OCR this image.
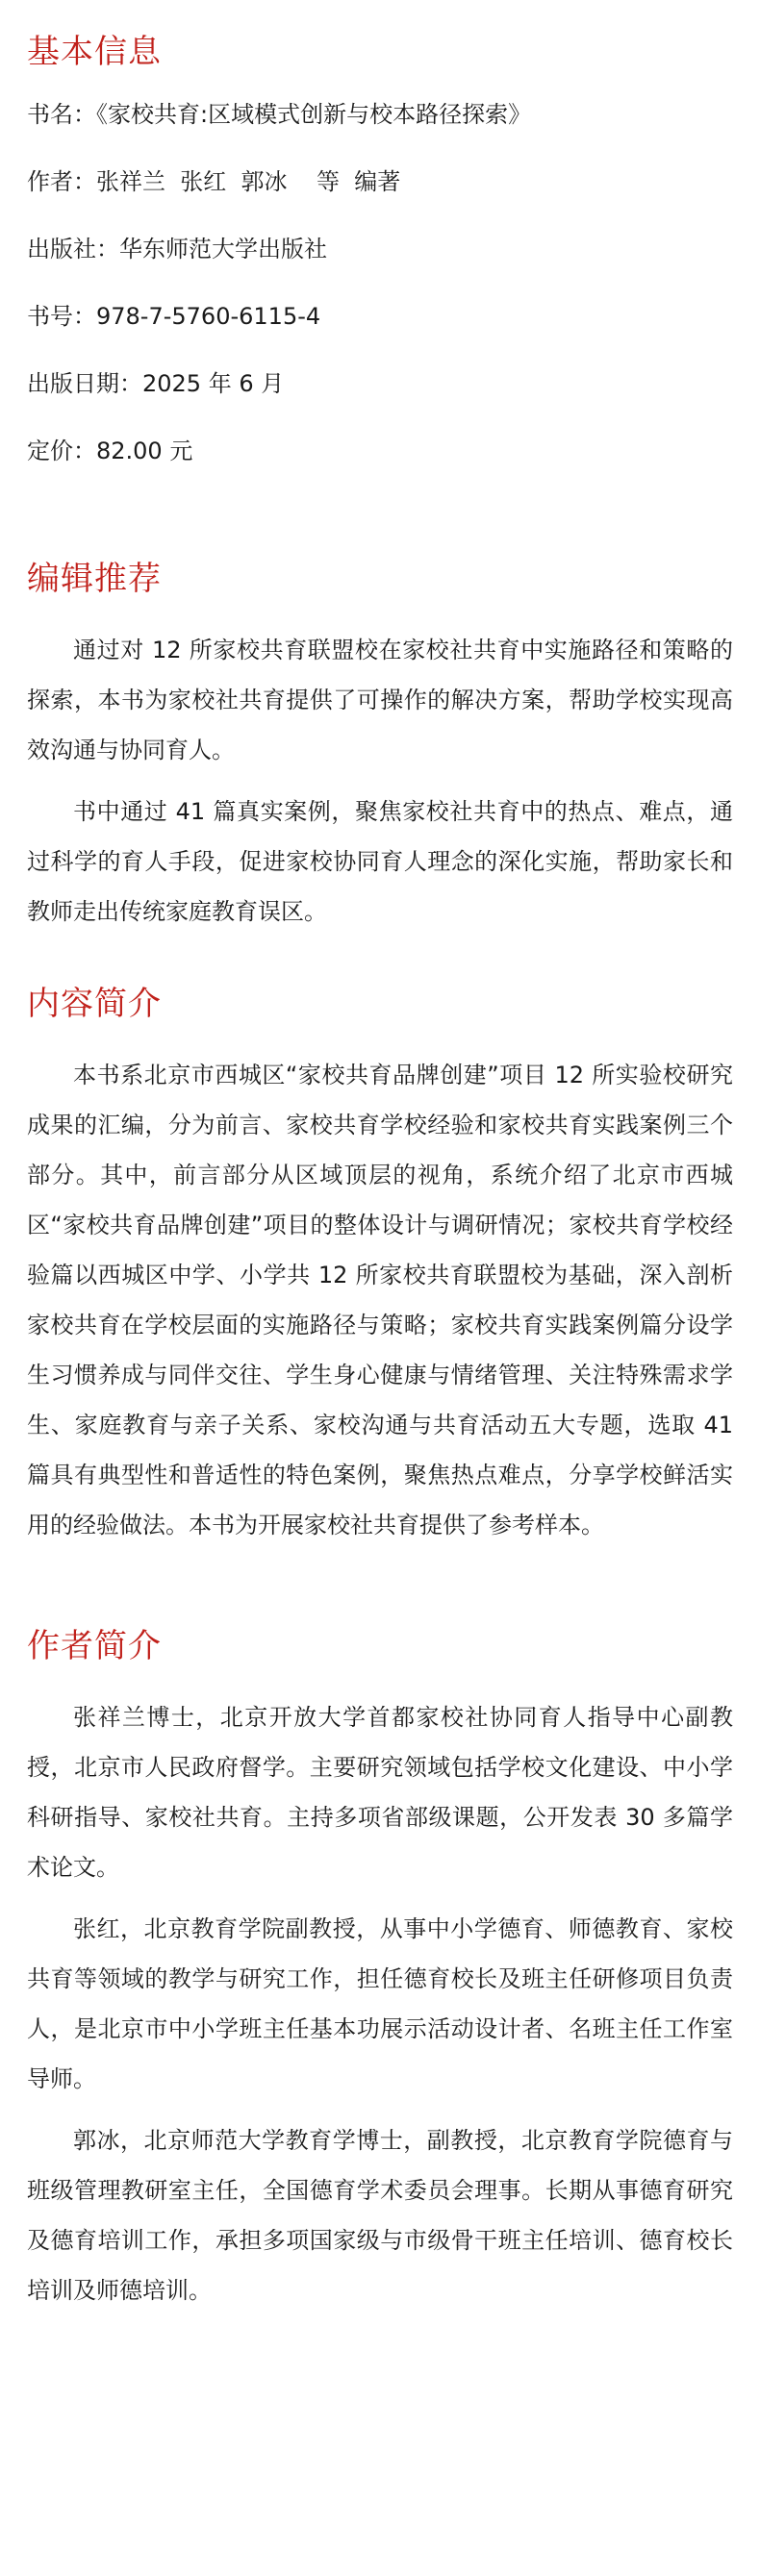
基本信息

书名：《家校共育:区域模式创新与校本路径探索》

作者：张祥兰  张红  郭冰    等  编著

出版社：华东师范大学出版社

书号：978-7-5760-6115-4

出版日期：2025 年 6 月

定价：82.00 元

编辑推荐

通过对 12 所家校共育联盟校在家校社共育中实施路径和策略的探索，本书为家校社共育提供了可操作的解决方案，帮助学校实现高效沟通与协同育人。

书中通过 41 篇真实案例，聚焦家校社共育中的热点、难点，通过科学的育人手段，促进家校协同育人理念的深化实施，帮助家长和教师走出传统家庭教育误区。

内容简介

本书系北京市西城区“家校共育品牌创建”项目 12 所实验校研究成果的汇编，分为前言、家校共育学校经验和家校共育实践案例三个部分。其中，前言部分从区域顶层的视角，系统介绍了北京市西城区“家校共育品牌创建”项目的整体设计与调研情况；家校共育学校经验篇以西城区中学、小学共 12 所家校共育联盟校为基础，深入剖析家校共育在学校层面的实施路径与策略；家校共育实践案例篇分设学生习惯养成与同伴交往、学生身心健康与情绪管理、关注特殊需求学生、家庭教育与亲子关系、家校沟通与共育活动五大专题，选取 41 篇具有典型性和普适性的特色案例，聚焦热点难点，分享学校鲜活实用的经验做法。本书为开展家校社共育提供了参考样本。

作者简介

张祥兰博士，北京开放大学首都家校社协同育人指导中心副教授，北京市人民政府督学。主要研究领域包括学校文化建设、中小学科研指导、家校社共育。主持多项省部级课题，公开发表 30 多篇学术论文。

张红，北京教育学院副教授，从事中小学德育、师德教育、家校共育等领域的教学与研究工作，担任德育校长及班主任研修项目负责人，是北京市中小学班主任基本功展示活动设计者、名班主任工作室导师。

郭冰，北京师范大学教育学博士，副教授，北京教育学院德育与班级管理教研室主任，全国德育学术委员会理事。长期从事德育研究及德育培训工作，承担多项国家级与市级骨干班主任培训、德育校长培训及师德培训。
